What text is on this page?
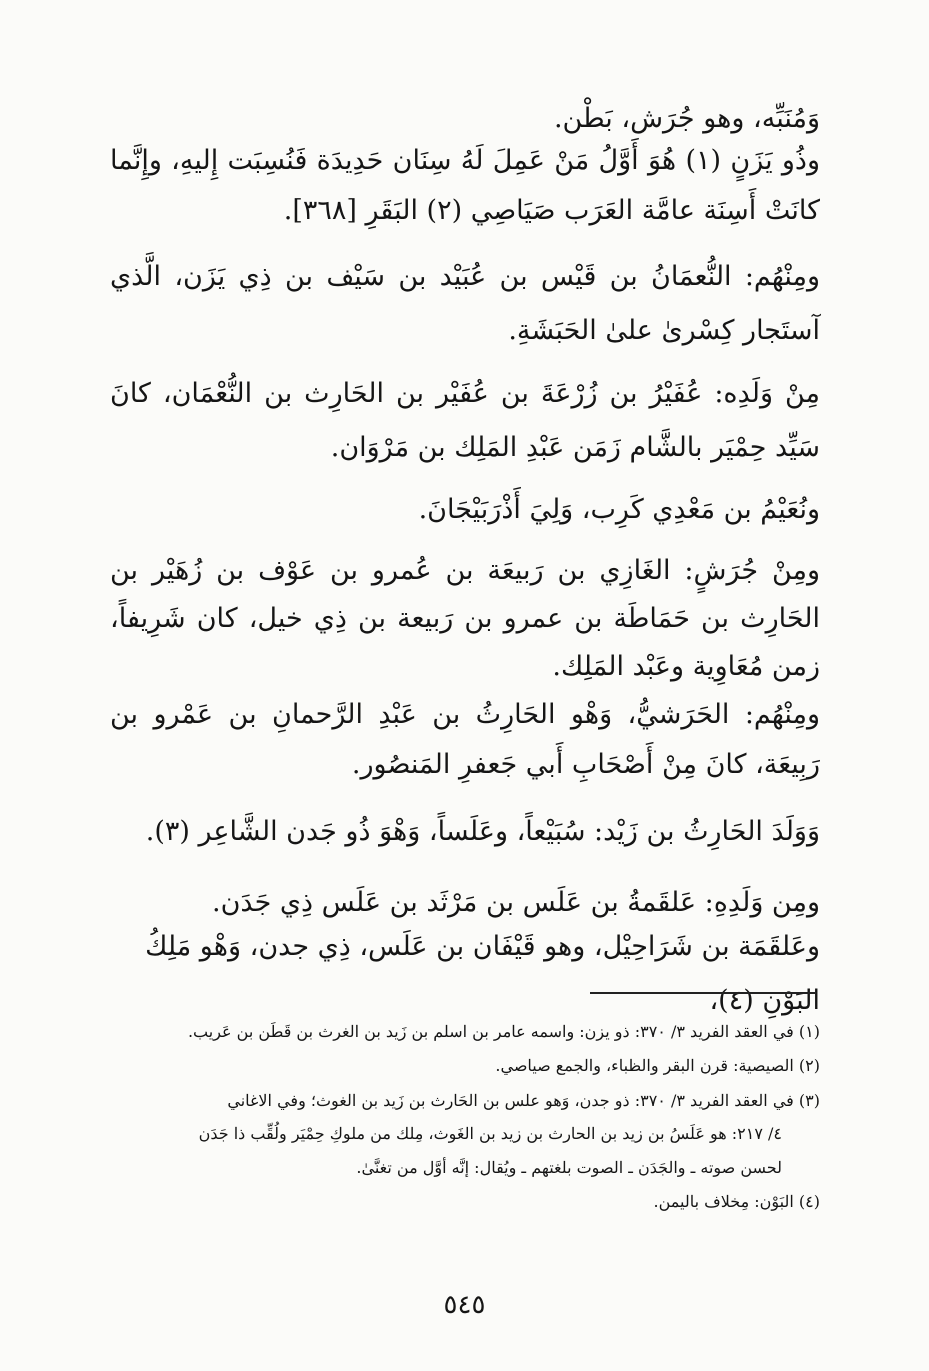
وَمُنَبِّه، وهو جُرَش، بَطْن.

وذُو يَزَنٍ (١) هُوَ أَوَّلُ مَنْ عَمِلَ لَهُ سِنَان حَدِيدَة فَنُسِبَت إِليهِ، وإِنَّما كانَتْ أَسِنَة عامَّة العَرَب صَيَاصِي (٢) البَقَرِ [٣٦٨].

ومِنْهُم: النُّعمَانُ بن قَيْس بن عُبَيْد بن سَيْف بن ذِي يَزَن، الَّذي آستَجار كِسْرىٰ علىٰ الحَبَشَةِ.

مِنْ وَلَدِه: عُفَيْرُ بن زُرْعَةَ بن عُفَيْر بن الحَارِث بن النُّعْمَان، كانَ سَيِّد حِمْيَر بالشَّام زَمَن عَبْدِ المَلِك بن مَرْوَان.

ونُعَيْمُ بن مَعْدِي كَرِب، وَلِيَ أَذْرَبَيْجَانَ.

ومِنْ جُرَشٍ: الغَازِي بن رَبيعَة بن عُمرو بن عَوْف بن زُهَيْر بن الحَارِث بن حَمَاطَة بن عمرو بن رَبيعة بن ذِي خيل، كان شَرِيفاً، زمن مُعَاوِية وعَبْد المَلِك.

ومِنْهُم: الحَرَشيُّ، وَهْو الحَارِثُ بن عَبْدِ الرَّحمانِ بن عَمْرو بن رَبِيعَة، كانَ مِنْ أَصْحَابِ أَبي جَعفرِ المَنصُور.

وَوَلَدَ الحَارِثُ بن زَيْد: سُبَيْعاً، وعَلَساً، وَهْوَ ذُو جَدن الشَّاعِر (٣).

ومِن وَلَدِهِ: عَلقَمةُ بن عَلَس بن مَرْثَد بن عَلَس ذِي جَدَن.

وعَلقَمَة بن شَرَاحِيْل، وهو قَيْفَان بن عَلَس، ذِي جدن، وَهْو مَلِكُ البَوْنِ (٤)،

(١) في العقد الفريد ٣/ ٣٧٠: ذو يزن: واسمه عامر بن اسلم بن زَيد بن الغرث بن قَطَن بن عَريب.

(٢) الصيصية: قرن البقر والظباء، والجمع صياصي.

(٣) في العقد الفريد ٣/ ٣٧٠: ذو جدن، وَهو علس بن الحَارث بن زَيد بن الغوث؛ وفي الاغاني

٤/ ٢١٧: هو عَلَسُ بن زيد بن الحارث بن زيد بن الغَوث، مِلك من ملوكِ حِمْيَر ولُقِّب ذا جَدَن

لحسن صوته ـ والجَدَن ـ الصوت بلغتهم ـ ويُقال: إنَّه أوَّل من تغنَّىٰ.

(٤) البَوْن: مِخلاف باليمن.

٥٤٥
